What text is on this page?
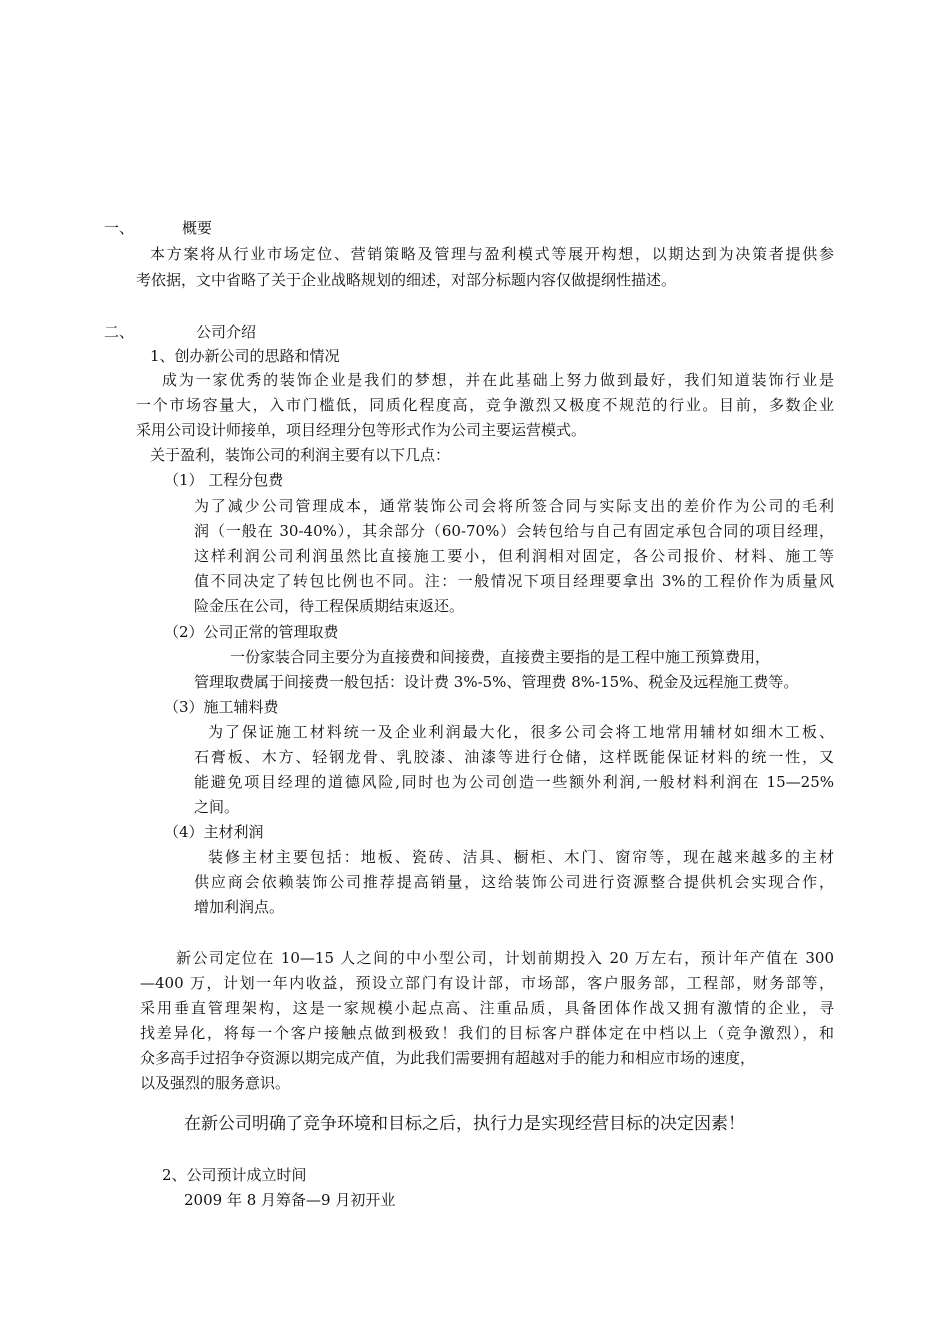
一、	概要
本方案将从行业市场定位、营销策略及管理与盈利模式等展开构想，以期达到为决策者提供参
考依据，文中省略了关于企业战略规划的细述，对部分标题内容仅做提纲性描述。
二、	公司介绍
1、创办新公司的思路和情况
成为一家优秀的装饰企业是我们的梦想，并在此基础上努力做到最好，我们知道装饰行业是
一个市场容量大，入市门槛低，同质化程度高，竞争激烈又极度不规范的行业。目前，多数企业
采用公司设计师接单，项目经理分包等形式作为公司主要运营模式。
关于盈利，装饰公司的利润主要有以下几点：
（1） 工程分包费
为了减少公司管理成本，通常装饰公司会将所签合同与实际支出的差价作为公司的毛利
润（一般在 30-40%），其余部分（60-70%）会转包给与自己有固定承包合同的项目经理，
这样利润公司利润虽然比直接施工要小，但利润相对固定，各公司报价、材料、施工等
值不同决定了转包比例也不同。注：一般情况下项目经理要拿出 3%的工程价作为质量风
险金压在公司，待工程保质期结束返还。
（2）公司正常的管理取费
一份家装合同主要分为直接费和间接费，直接费主要指的是工程中施工预算费用，
管理取费属于间接费一般包括：设计费 3%-5%、管理费 8%-15%、税金及远程施工费等。
（3）施工辅料费
为了保证施工材料统一及企业利润最大化，很多公司会将工地常用辅材如细木工板、
石膏板、木方、轻钢龙骨、乳胶漆、油漆等进行仓储，这样既能保证材料的统一性，又
能避免项目经理的道德风险,同时也为公司创造一些额外利润,一般材料利润在 15—25%
之间。
（4）主材利润
装修主材主要包括：地板、瓷砖、洁具、橱柜、木门、窗帘等，现在越来越多的主材
供应商会依赖装饰公司推荐提高销量，这给装饰公司进行资源整合提供机会实现合作，
增加利润点。
新公司定位在 10—15 人之间的中小型公司，计划前期投入 20 万左右，预计年产值在 300
—400 万，计划一年内收益，预设立部门有设计部，市场部，客户服务部，工程部，财务部等，
采用垂直管理架构，这是一家规模小起点高、注重品质，具备团体作战又拥有激情的企业，寻
找差异化，将每一个客户接触点做到极致！我们的目标客户群体定在中档以上（竞争激烈），和
众多高手过招争夺资源以期完成产值，为此我们需要拥有超越对手的能力和相应市场的速度，
以及强烈的服务意识。
在新公司明确了竞争环境和目标之后，执行力是实现经营目标的决定因素！
2、公司预计成立时间
2009 年 8 月筹备—9 月初开业
